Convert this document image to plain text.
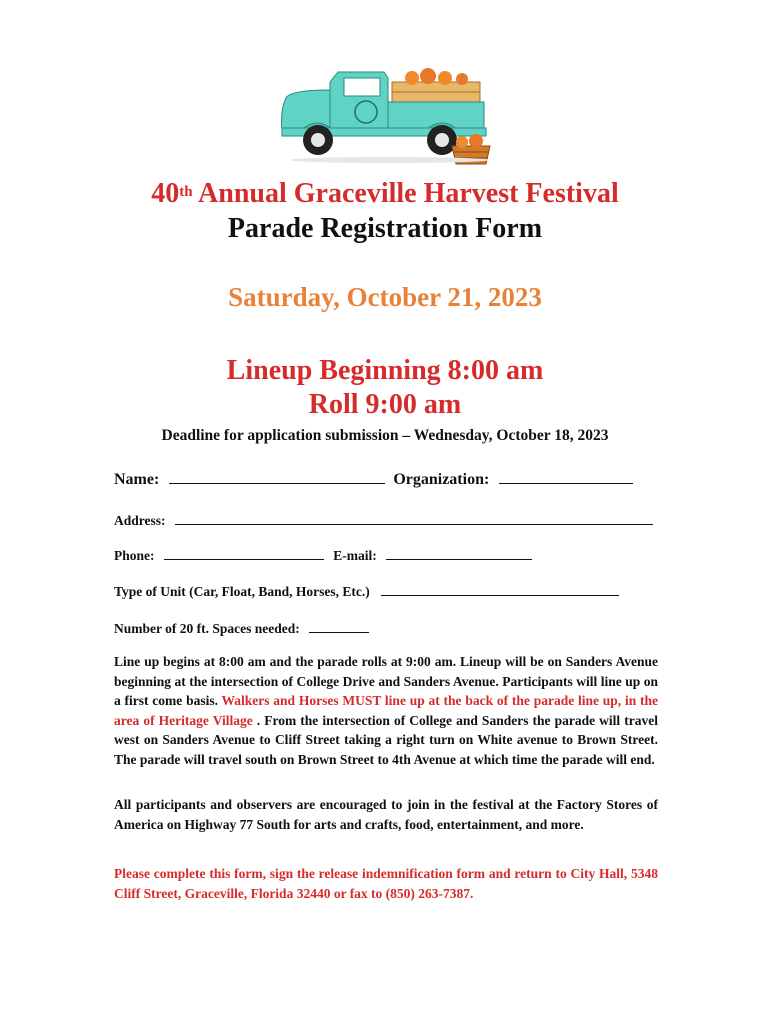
40th Annual Graceville Harvest Festival
Parade Registration Form
Saturday, October 21, 2023
Lineup Beginning 8:00 am
Roll 9:00 am
Deadline for application submission – Wednesday, October 18, 2023
Name:	Organization:
Address:
Phone:	E-mail:
Type of Unit (Car, Float, Band, Horses, Etc.)
Number of 20 ft. Spaces needed:
Line up begins at 8:00 am and the parade rolls at 9:00 am. Lineup will be on Sanders Avenue beginning at the intersection of College Drive and Sanders Avenue. Participants will line up on a first come basis. Walkers and Horses MUST line up at the back of the parade line up, in the area of Heritage Village . From the intersection of College and Sanders the parade will travel west on Sanders Avenue to Cliff Street taking a right turn on White avenue to Brown Street. The parade will travel south on Brown Street to 4th Avenue at which time the parade will end.
All participants and observers are encouraged to join in the festival at the Factory Stores of America on Highway 77 South for arts and crafts, food, entertainment, and more.
Please complete this form, sign the release indemnification form and return to City Hall, 5348 Cliff Street, Graceville, Florida 32440 or fax to (850) 263-7387.
